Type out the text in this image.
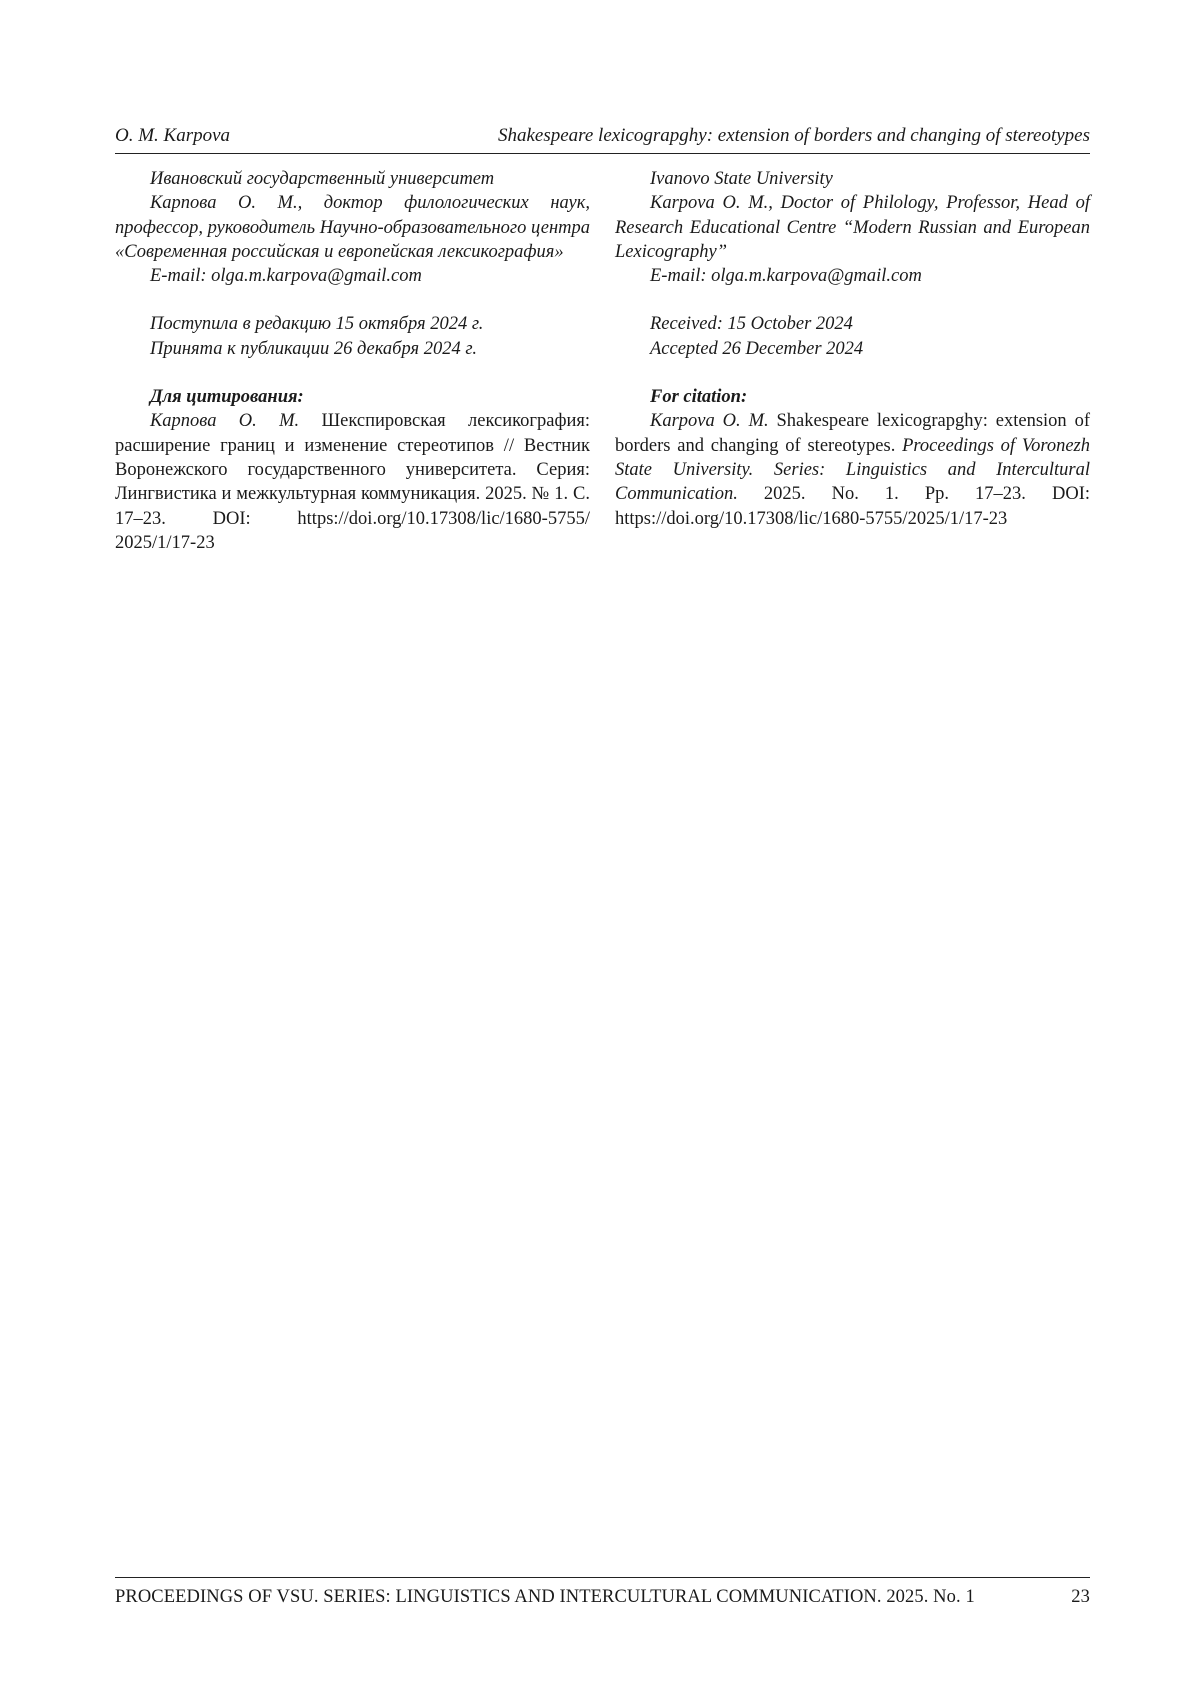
O. M. Karpova	Shakespeare lexicograpghy: extension of borders and changing of stereotypes

Ивановский государственный университет

Карпова О. М., доктор филологических наук, профессор, руководитель Научно-образовательного центра «Современная российская и европейская лексикография»

E-mail: olga.m.karpova@gmail.com

Поступила в редакцию 15 октября 2024 г.

Принята к публикации 26 декабря 2024 г.

Для цитирования:

Карпова О. М. Шекспировская лексикография: расширение границ и изменение стереотипов // Вестник Воронежского государственного университета. Серия: Лингвистика и межкультурная коммуникация. 2025. № 1. С. 17–23. DOI: https://doi.org/10.17308/lic/1680-5755/ 2025/1/17-23

Ivanovo State University

Karpova O. M., Doctor of Philology, Professor, Head of Research Educational Centre “Modern Russian and European Lexicography”

E-mail: olga.m.karpova@gmail.com

Received: 15 October 2024

Accepted 26 December 2024

For citation:

Karpova O. M. Shakespeare lexicograpghy: extension of borders and changing of stereotypes. Proceedings of Voronezh State University. Series: Linguistics and Intercultural Communication. 2025. No. 1. Pp. 17–23. DOI: https://doi.org/10.17308/lic/1680-5755/2025/1/17-23

PROCEEDINGS OF VSU. SERIES: LINGUISTICS AND INTERCULTURAL COMMUNICATION. 2025. No. 1	23
